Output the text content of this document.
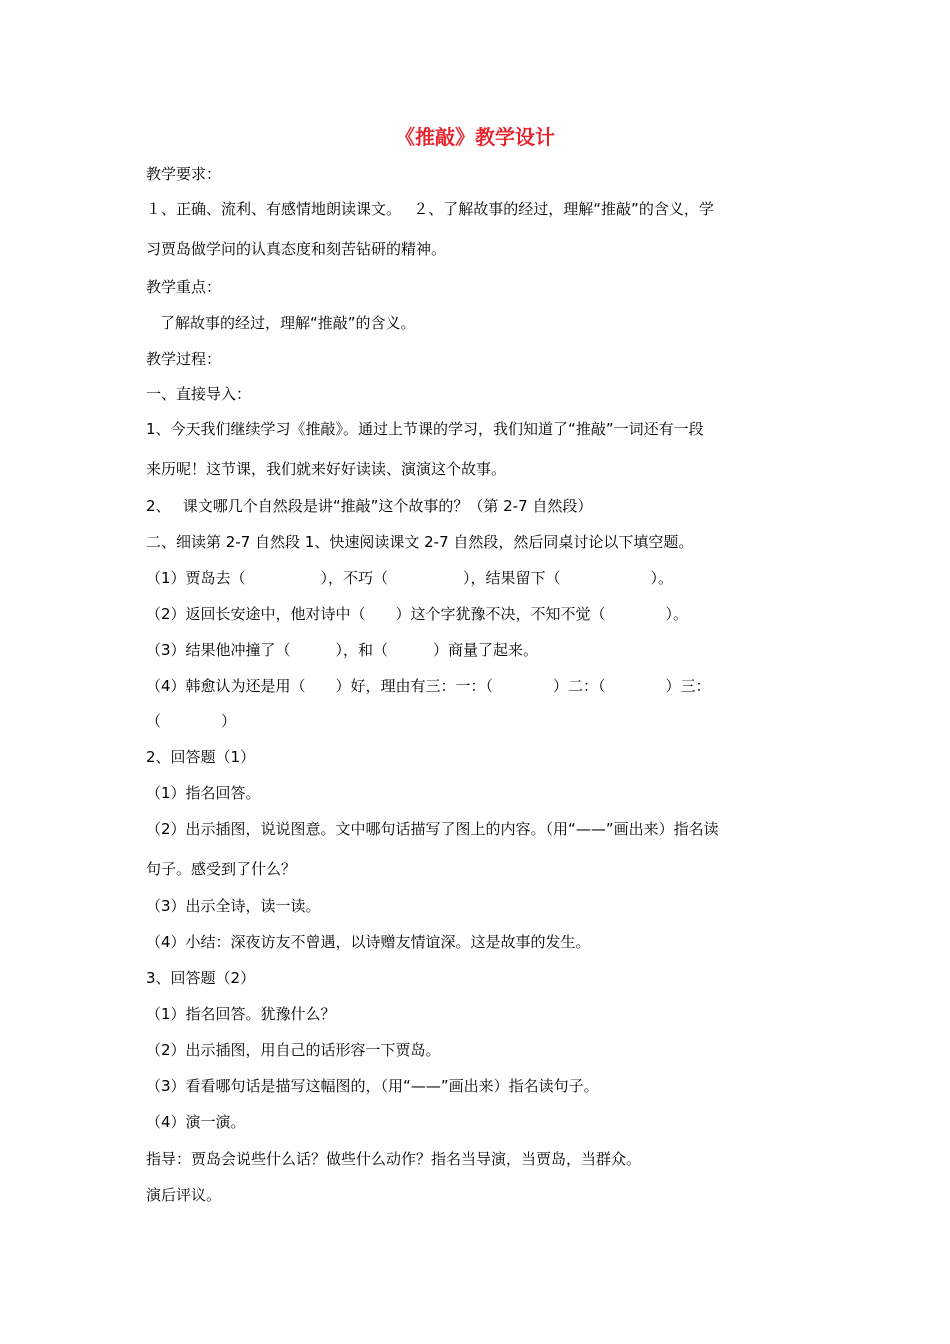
《推敲》教学设计
教学要求：
１、正确、流利、有感情地朗读课文。　 ２、了解故事的经过，理解“推敲”的含义，学
习贾岛做学问的认真态度和刻苦钻研的精神。
教学重点：
了解故事的经过，理解“推敲”的含义。
教学过程：
一、直接导入：
1、今天我们继续学习《推敲》。通过上节课的学习，我们知道了“推敲”一词还有一段
来历呢！这节课，我们就来好好读读、演演这个故事。
2、　 课文哪几个自然段是讲“推敲”这个故事的？（第 2-7 自然段）
二、细读第 2-7 自然段 1、快速阅读课文 2-7 自然段，然后同桌讨论以下填空题。
（1）贾岛去（　　　　　），不巧（　　　　　），结果留下（　　　　　　）。
（2）返回长安途中，他对诗中（　　）这个字犹豫不决，不知不觉（　　　　）。
（3）结果他冲撞了（　　　），和（　　　）商量了起来。
（4）韩愈认为还是用（　　）好，理由有三：一：（　　　　）二：（　　　　）三：
（　　　　）
2、回答题（1）
（1）指名回答。
（2）出示插图，说说图意。文中哪句话描写了图上的内容。（用“——”画出来）指名读
句子。感受到了什么？
（3）出示全诗，读一读。
（4）小结：深夜访友不曾遇，以诗赠友情谊深。这是故事的发生。
3、回答题（2）
（1）指名回答。犹豫什么？
（2）出示插图，用自己的话形容一下贾岛。
（3）看看哪句话是描写这幅图的，（用“——”画出来）指名读句子。
（4）演一演。
指导：贾岛会说些什么话？做些什么动作？指名当导演，当贾岛，当群众。
演后评议。
